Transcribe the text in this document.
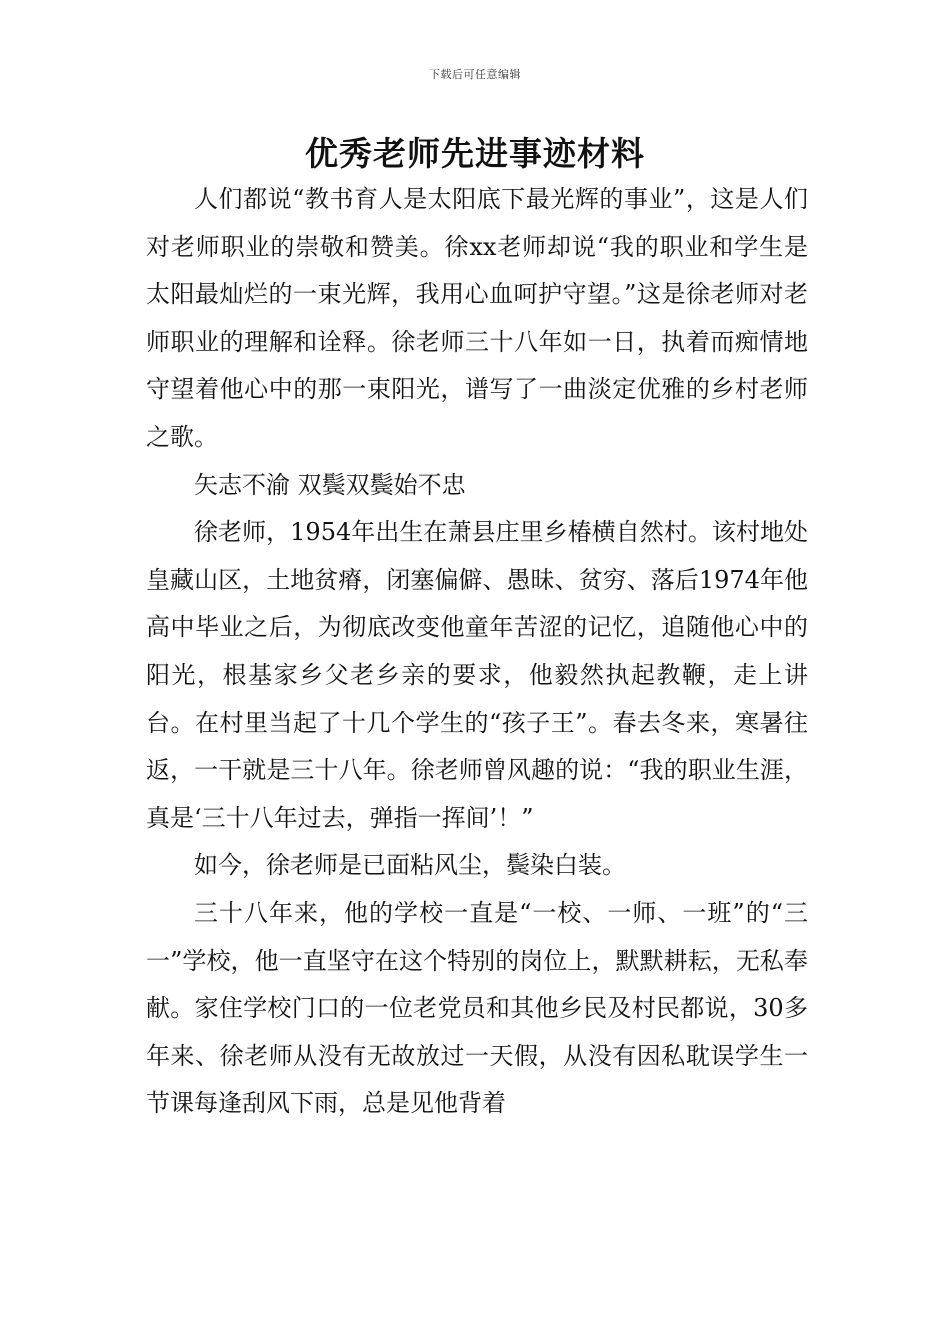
下载后可任意编辑
优秀老师先进事迹材料

人们都说“教书育人是太阳底下最光辉的事业”，这是人们对老师职业的崇敬和赞美。徐xx老师却说“我的职业和学生是太阳最灿烂的一束光辉，我用心血呵护守望。”这是徐老师对老师职业的理解和诠释。徐老师三十八年如一日，执着而痴情地守望着他心中的那一束阳光，谱写了一曲淡定优雅的乡村老师之歌。

矢志不渝 双鬓双鬓始不忠

徐老师，1954年出生在萧县庄里乡椿横自然村。该村地处皇藏山区，土地贫瘠，闭塞偏僻、愚昧、贫穷、落后1974年他高中毕业之后，为彻底改变他童年苦涩的记忆，追随他心中的阳光，根基家乡父老乡亲的要求，他毅然执起教鞭，走上讲台。在村里当起了十几个学生的“孩子王”。春去冬来，寒暑往返，一干就是三十八年。徐老师曾风趣的说：“我的职业生涯，真是‘三十八年过去，弹指一挥间’！”

如今，徐老师是已面粘风尘，鬓染白装。

三十八年来，他的学校一直是“一校、一师、一班”的“三一”学校，他一直坚守在这个特别的岗位上，默默耕耘，无私奉献。家住学校门口的一位老党员和其他乡民及村民都说，30多年来、徐老师从没有无故放过一天假，从没有因私耽误学生一节课每逢刮风下雨，总是见他背着
